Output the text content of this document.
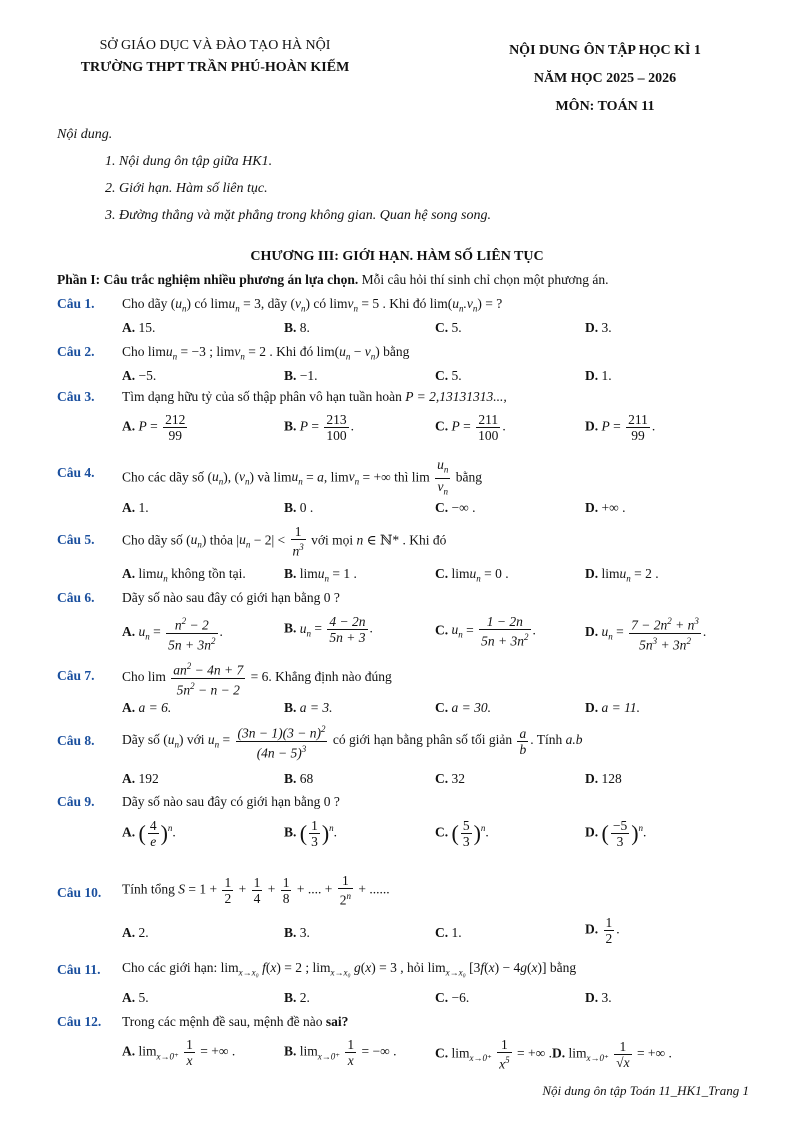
SỞ GIÁO DỤC VÀ ĐÀO TẠO HÀ NỘI
TRƯỜNG THPT TRẦN PHÚ-HOÀN KIẾM
NỘI DUNG ÔN TẬP HỌC KÌ 1
NĂM HỌC 2025 – 2026
MÔN: TOÁN 11
Nội dung.
1. Nội dung ôn tập giữa HK1.
2. Giới hạn. Hàm số liên tục.
3. Đường thẳng và mặt phẳng trong không gian. Quan hệ song song.
CHƯƠNG III: GIỚI HẠN. HÀM SỐ LIÊN TỤC
Phần I: Câu trắc nghiệm nhiều phương án lựa chọn. Mỗi câu hỏi thí sinh chỉ chọn một phương án.
Câu 1. Cho dãy $(u_n)$ có limu$_n$ = 3, dãy $(v_n)$ có limv$_n$ = 5 . Khi đó $\lim(u_n.v_n)$ = ?
A. 15.	B. 8.	C. 5.	D. 3.
Câu 2. Cho limu$_n$ = −3 ; limv$_n$ = 2 . Khi đó $\lim(u_n - v_n)$ bằng
A. −5.	B. −1.	C. 5.	D. 1.
Câu 3. Tìm dạng hữu tỷ của số thập phân vô hạn tuần hoàn P = 2,13131313...,
A. $P = \frac{212}{99}$	B. $P = \frac{213}{100}$ .	C. $P = \frac{211}{100}$ .	D. $P = \frac{211}{99}$ .
Câu 4. Cho các dãy số $(u_n)$, $(v_n)$ và limu$_n$ = a, limv$_n$ = +∞ thì $\lim \frac{u_n}{v_n}$ bằng
A. 1.	B. 0 .	C. −∞ .	D. +∞ .
Câu 5. Cho dãy số $(u_n)$ thỏa $|u_n - 2| < \frac{1}{n^3}$ với mọi n ∈ ℕ* . Khi đó
A. limu$_n$ không tồn tại.	B. limu$_n$ = 1 .	C. limu$_n$ = 0 .	D. limu$_n$ = 2 .
Câu 6. Dãy số nào sau đây có giới hạn bằng 0 ?
A. $u_n = \frac{n^2 - 2}{5n + 3n^2}$ .	B. $u_n = \frac{4 - 2n}{5n + 3}$ .	C. $u_n = \frac{1 - 2n}{5n + 3n^2}$ .	D. $u_n = \frac{7 - 2n^2 + n^3}{5n^3 + 3n^2}$ .
Câu 7. Cho $\lim \frac{an^2 - 4n + 7}{5n^2 - n - 2} = 6$. Khẳng định nào đúng
A. a = 6.	B. a = 3.	C. a = 30.	D. a = 11.
Câu 8. Dãy số $(u_n)$ với $u_n = \frac{(3n - 1)(3 - n)^2}{(4n - 5)^3}$ có giới hạn bằng phân số tối giản $\frac{a}{b}$ . Tính a.b
A. 192	B. 68	C. 32	D. 128
Câu 9. Dãy số nào sau đây có giới hạn bằng 0 ?
A. ( $\frac{4}{e} )^n$.	B. ( $\frac{1}{3} )^n$.	C. ( $\frac{5}{3} )^n$.	D. ( $\frac{-5}{3} )^n$.
Câu 10. Tính tổng $S = 1 + \frac{1}{2} + \frac{1}{4} + \frac{1}{8}$ + .... + $\frac{1}{2^n}$ + ......
A. 2.	B. 3.	C. 1.	D. $\frac{1}{2}$ .
Câu 11. Cho các giới hạn: $\lim_{x\to x_0} f(x) = 2$ ; $\lim_{x\to x_0} g(x) = 3$ , hỏi $\lim_{x\to x_0} [3f(x) - 4g(x)]$ bằng
A. 5.	B. 2.	C. −6.	D. 3.
Câu 12. Trong các mệnh đề sau, mệnh đề nào sai?
A. $\lim_{x\to 0^+} \frac{1}{x}$ = +∞ .	B. $\lim_{x\to 0^+} \frac{1}{x}$ = −∞ .	C. $\lim_{x\to 0^+} \frac{1}{x^5}$ = +∞ .D. $\lim_{x\to 0^+} \frac{1}{√x}$ = +∞ .
Nội dung ôn tập Toán 11_HK1_Trang 1
